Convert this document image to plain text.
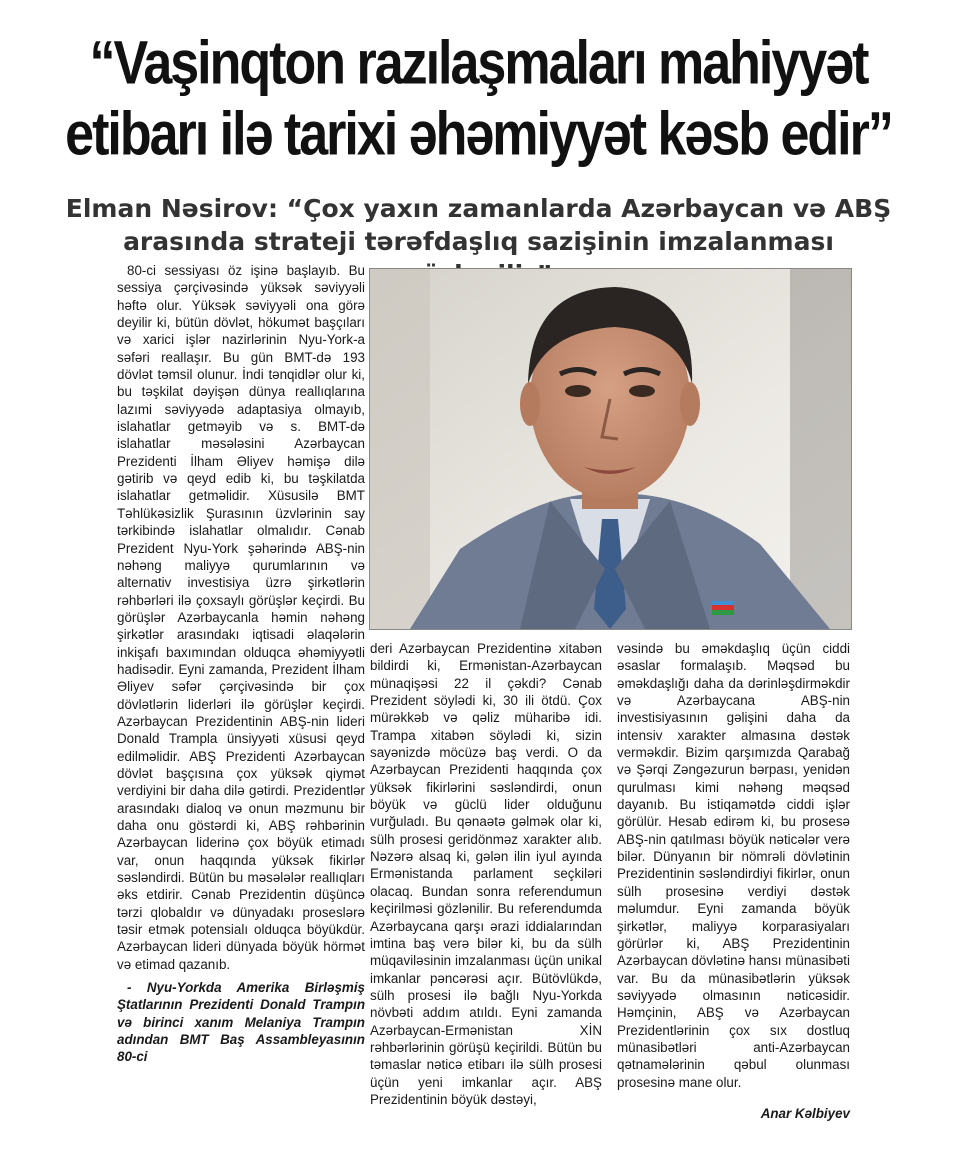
“Vaşinqton razılaşmaları mahiyyət etibarı ilə tarixi əhəmiyyət kəsb edir”
Elman Nəsirov: “Çox yaxın zamanlarda Azərbaycan və ABŞ arasında strateji tərəfdaşlıq sazişinin imzalanması

80-ci sessiyası öz işinə başlayıb. Bu sessiya çərçivəsində yüksək səviyyəli həftə olur. Yüksək səviyyəli ona görə deyilir ki, bütün dövlət, hökumət başçıları və xarici işlər nazirlərinin Nyu-York-a səfəri reallaşır. Bu gün BMT-də 193 dövlət təmsil olunur. İndi tənqidlər olur ki, bu təşkilat dəyişən dünya reallıqlarına lazımi səviyyədə adaptasiya olmayıb, islahatlar getməyib və s. BMT-də islahatlar məsələsini Azərbaycan Prezidenti İlham Əliyev həmişə dilə gətirib və qeyd edib ki, bu təşkilatda islahatlar getməlidir. Xüsusilə BMT Təhlükəsizlik Şurasının üzvlərinin say tərkibində islahatlar olmalıdır. Cənab Prezident Nyu-York şəhərində ABŞ-nin nəhəng maliyyə qurumlarının və alternativ investisiya üzrə şirkətlərin rəhbərləri ilə çoxsaylı görüşlər keçirdi. Bu görüşlər Azərbaycanla həmin nəhəng şirkətlər arasındakı iqtisadi əlaqələrin inkişafı baxımından olduqca əhəmiyyətli hadisədir. Eyni zamanda, Prezident İlham Əliyev səfər çərçivəsində bir çox dövlətlərin liderləri ilə görüşlər keçirdi. Azərbaycan Prezidentinin ABŞ-nin lideri Donald Trampla ünsiyyəti xüsusi qeyd edilməlidir. ABŞ Prezidenti Azərbaycan dövlət başçısına çox yüksək qiymət verdiyini bir daha dilə gətirdi. Prezidentlər arasındakı dialoq və onun məzmunu bir daha onu göstərdi ki, ABŞ rəhbərinin Azərbaycan liderinə çox böyük etimadı var, onun haqqında yüksək fikirlər səsləndirdi. Bütün bu məsələlər reallıqları əks etdirir. Cənab Prezidentin düşüncə tərzi qlobaldır və dünyadakı proseslərə təsir etmək potensialı olduqca böyükdür. Azərbaycan lideri dünyada böyük hörmət və etimad qazanıb.

- Nyu-Yorkda Amerika Birləşmiş Ştatlarının Prezidenti Donald Trampın və birinci xanım Melaniya Trampın adından BMT Baş Assambleyasının 80-ci

deri Azərbaycan Prezidentinə xitabən bildirdi ki, Ermənistan-Azərbaycan münaqişəsi 22 il çəkdi? Cənab Prezident söylədi ki, 30 ili ötdü. Çox mürəkkəb və qəliz müharibə idi. Trampa xitabən söylədi ki, sizin sayənizdə möcüzə baş verdi. O da Azərbaycan Prezidenti haqqında çox yüksək fikirlərini səsləndirdi, onun böyük və güclü lider olduğunu vurğuladı. Bu qənaətə gəlmək olar ki, sülh prosesi geridönməz xarakter alıb. Nəzərə alsaq ki, gələn ilin iyul ayında Ermənistanda parlament seçkiləri olacaq. Bundan sonra referendumun keçirilməsi gözlənilir. Bu referendumda Azərbaycana qarşı ərazi iddialarından imtina baş verə bilər ki, bu da sülh müqaviləsinin imzalanması üçün unikal imkanlar pəncərəsi açır. Bütövlükdə, sülh prosesi ilə bağlı Nyu-Yorkda növbəti addım atıldı. Eyni zamanda Azərbaycan-Ermənistan XİN rəhbərlərinin görüşü keçirildi. Bütün bu təmaslar nəticə etibarı ilə sülh prosesi üçün yeni imkanlar açır. ABŞ Prezidentinin böyük dəstəyi,

vəsində bu əməkdaşlıq üçün ciddi əsaslar formalaşıb. Məqsəd bu əməkdaşlığı daha da dərinləşdirməkdir və Azərbaycana ABŞ-nin investisiyasının gəlişini daha da intensiv xarakter almasına dəstək verməkdir. Bizim qarşımızda Qarabağ və Şərqi Zəngəzurun bərpası, yenidən qurulması kimi nəhəng məqsəd dayanıb. Bu istiqamətdə ciddi işlər görülür. Hesab edirəm ki, bu prosesə ABŞ-nin qatılması böyük nəticələr verə bilər. Dünyanın bir nömrəli dövlətinin Prezidentinin səsləndirdiyi fikirlər, onun sülh prosesinə verdiyi dəstək məlumdur. Eyni zamanda böyük şirkətlər, maliyyə korparasiyaları görürlər ki, ABŞ Prezidentinin Azərbaycan dövlətinə hansı münasibəti var. Bu da münasibətlərin yüksək səviyyədə olmasının nəticəsidir. Həmçinin, ABŞ və Azərbaycan Prezidentlərinin çox sıx dostluq münasibətləri anti-Azərbaycan qətnamələrinin qəbul olunması prosesinə mane olur.

Anar Kəlbiyev
